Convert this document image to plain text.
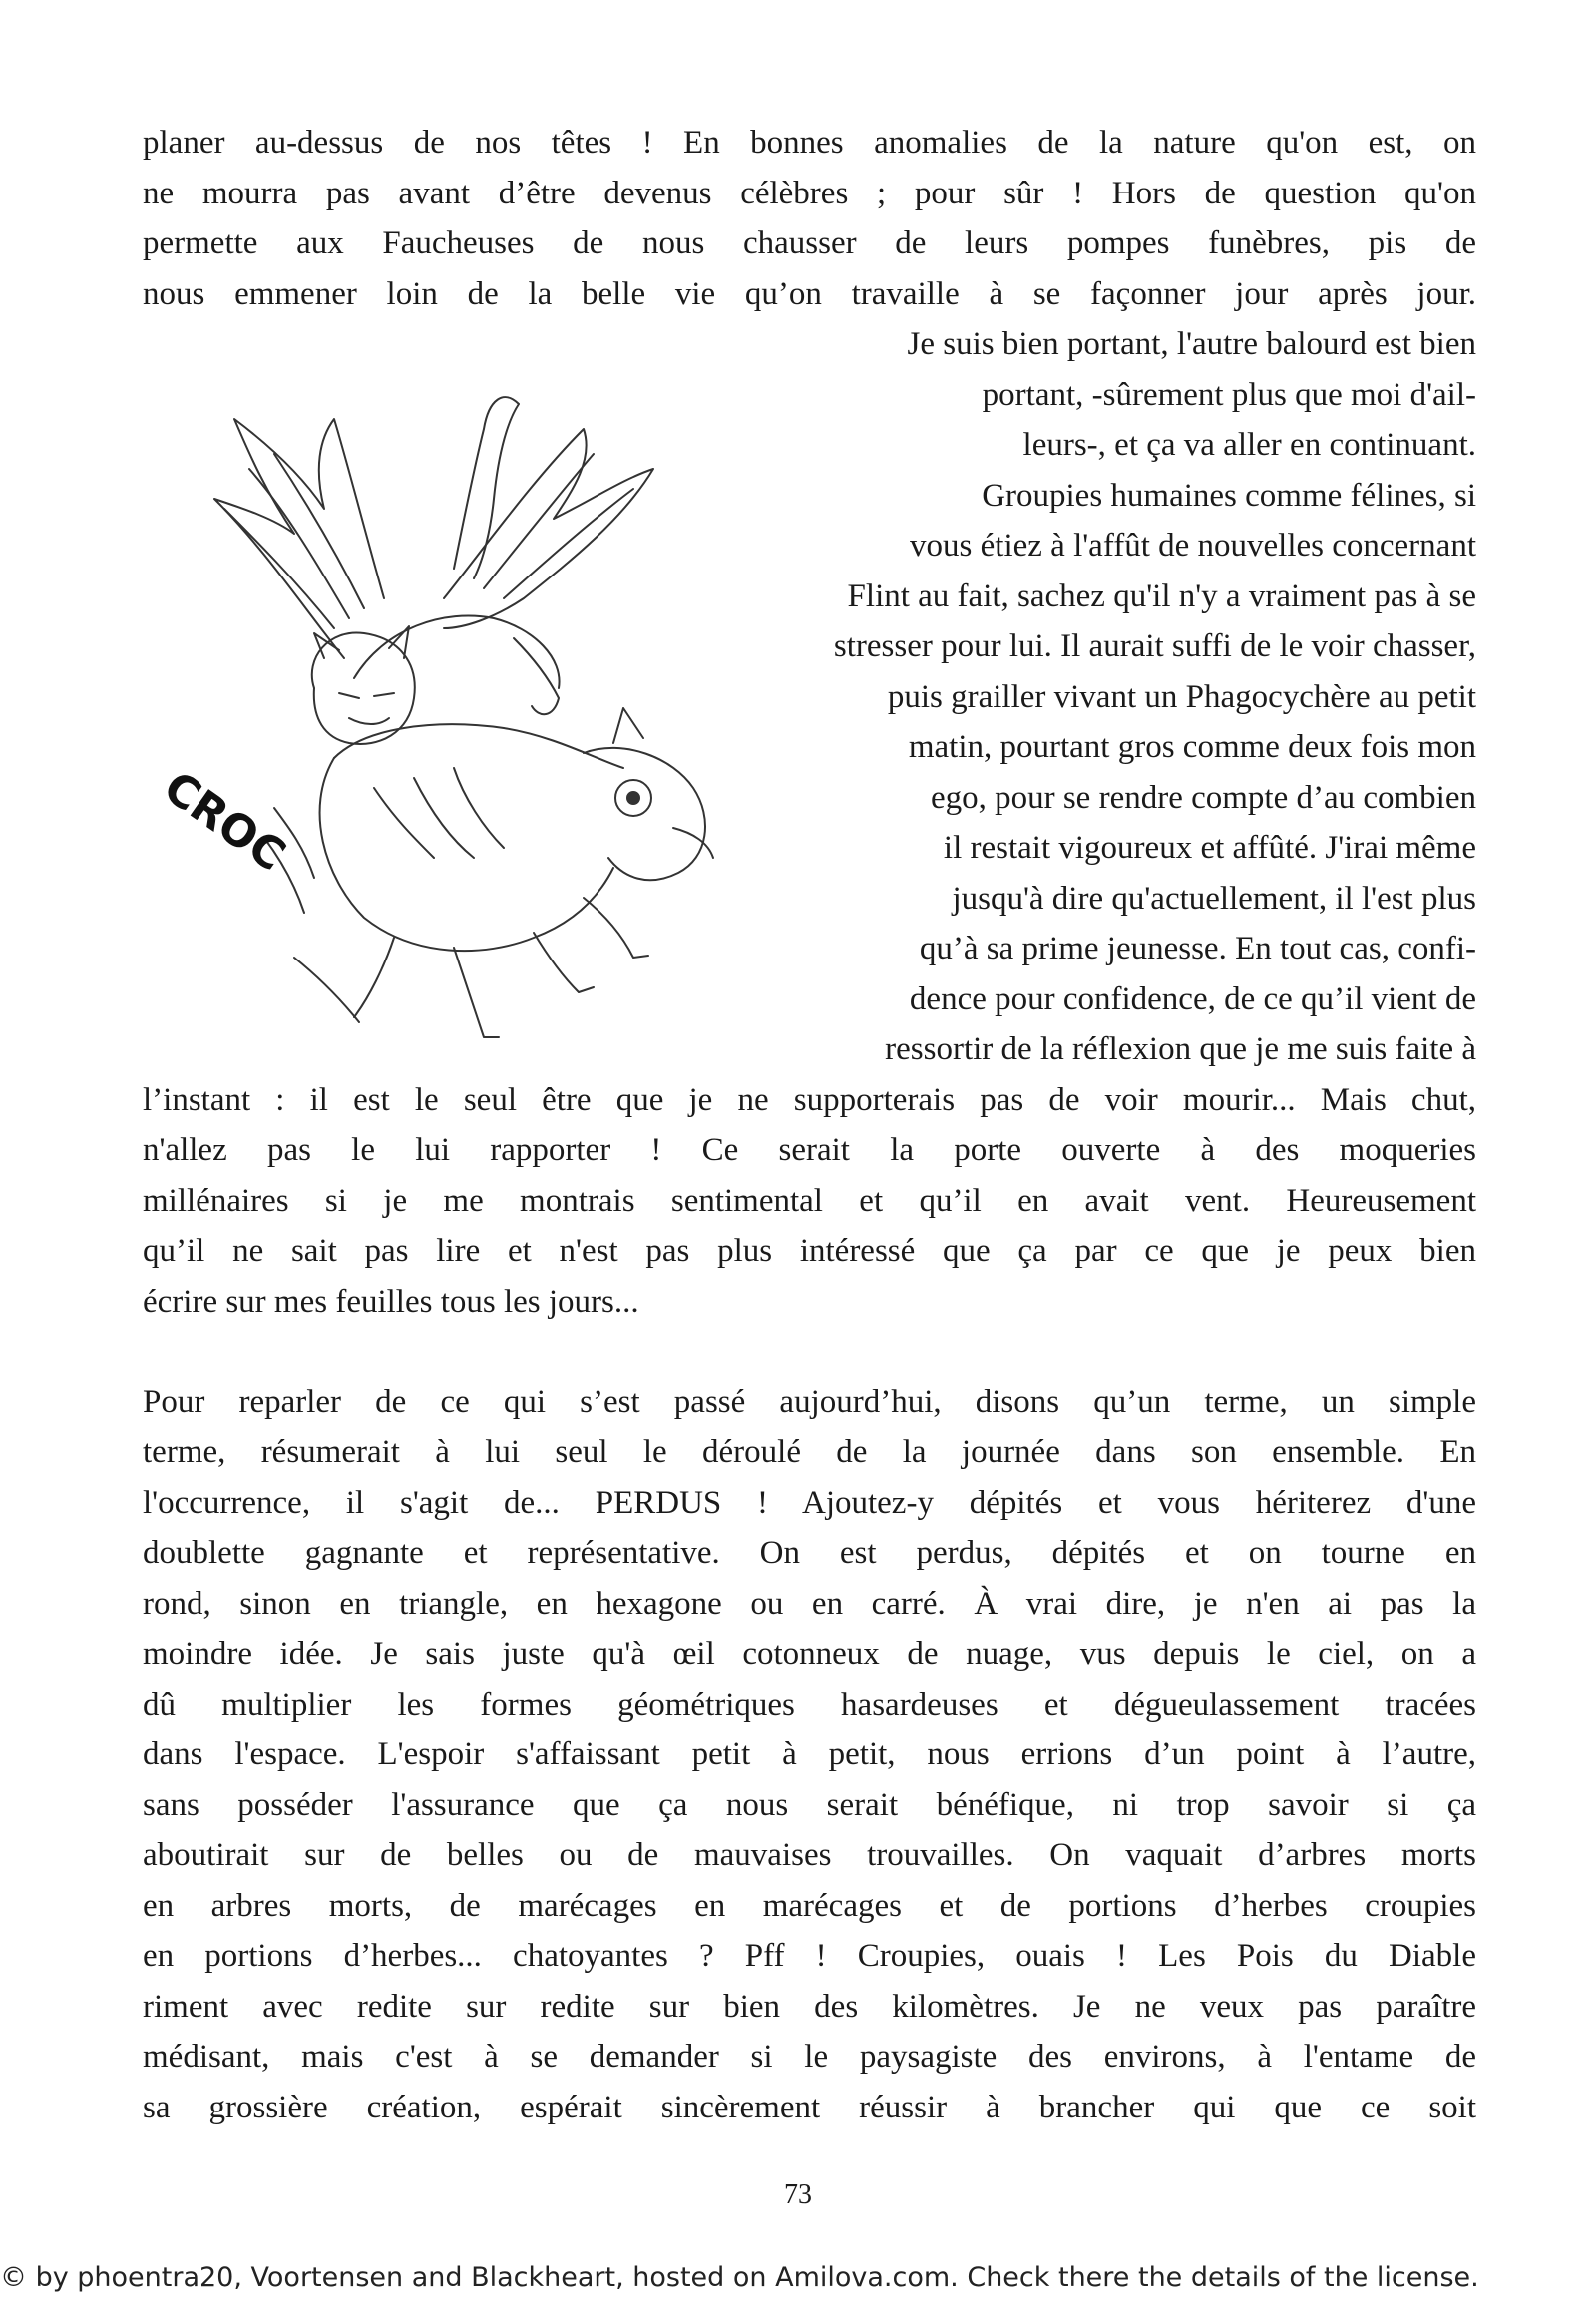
planer au-dessus de nos têtes ! En bonnes anomalies de la nature qu'on est, on
ne mourra pas avant d’être devenus célèbres ; pour sûr ! Hors de question qu'on
permette aux Faucheuses de nous chausser de leurs pompes funèbres, pis de
nous emmener loin de la belle vie qu’on travaille à se façonner jour après jour.
Je suis bien portant, l'autre balourd est bien
portant, -sûrement plus que moi d'ail-
leurs-, et ça va aller en continuant.
Groupies humaines comme félines, si
vous étiez à l'affût de nouvelles concernant
Flint au fait, sachez qu'il n'y a vraiment pas à se
stresser pour lui. Il aurait suffi de le voir chasser,
puis grailler vivant un Phagocychère au petit
matin, pourtant gros comme deux fois mon
ego, pour se rendre compte d’au combien
il restait vigoureux et affûté. J'irai même
jusqu'à dire qu'actuellement, il l'est plus
qu’à sa prime jeunesse. En tout cas, confi-
dence pour confidence, de ce qu’il vient de
ressortir de la réflexion que je me suis faite à
l’instant : il est le seul être que je ne supporterais pas de voir mourir... Mais chut,
n'allez pas le lui rapporter ! Ce serait la porte ouverte à des moqueries
millénaires si je me montrais sentimental et qu’il en avait vent. Heureusement
qu’il ne sait pas lire et n'est pas plus intéressé que ça par ce que je peux bien
écrire sur mes feuilles tous les jours...
Pour reparler de ce qui s’est passé aujourd’hui, disons qu’un terme, un simple
terme, résumerait à lui seul le déroulé de la journée dans son ensemble. En
l'occurrence, il s'agit de... PERDUS ! Ajoutez-y dépités et vous hériterez d'une
doublette gagnante et représentative. On est perdus, dépités et on tourne en
rond, sinon en triangle, en hexagone ou en carré. À vrai dire, je n'en ai pas la
moindre idée. Je sais juste qu'à œil cotonneux de nuage, vus depuis le ciel, on a
dû multiplier les formes géométriques hasardeuses et dégueulassement tracées
dans l'espace. L'espoir s'affaissant petit à petit, nous errions d’un point à l’autre,
sans posséder l'assurance que ça nous serait bénéfique, ni trop savoir si ça
aboutirait sur de belles ou de mauvaises trouvailles. On vaquait d’arbres morts
en arbres morts, de marécages en marécages et de portions d’herbes croupies
en portions d’herbes... chatoyantes ? Pff ! Croupies, ouais ! Les Pois du Diable
riment avec redite sur redite sur bien des kilomètres. Je ne veux pas paraître
médisant, mais c'est à se demander si le paysagiste des environs, à l'entame de
sa grossière création, espérait sincèrement réussir à brancher qui que ce soit
CROC
73
© by phoentra20, Voortensen and Blackheart, hosted on Amilova.com. Check there the details of the license.
